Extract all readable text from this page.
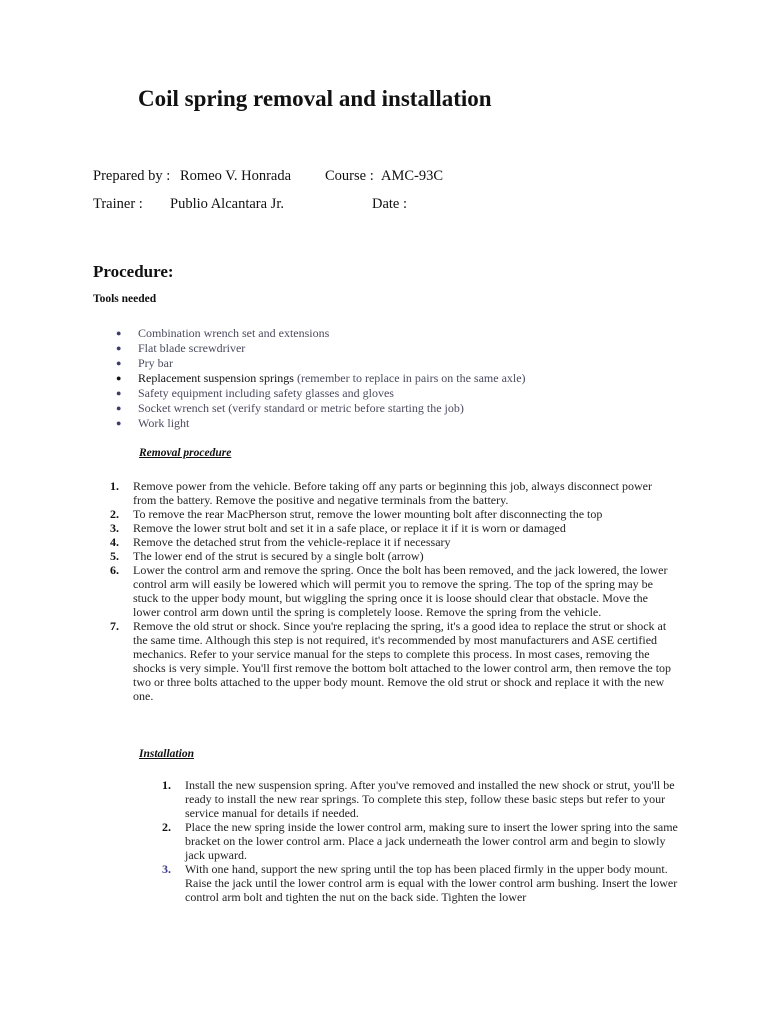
Coil spring removal and installation
Prepared by : Romeo V. Honrada Course : AMC-93C
Trainer : Publio Alcantara Jr.	Date :
Procedure:
Tools needed
● Combination wrench set and extensions
● Flat blade screwdriver
● Pry bar
● Replacement suspension springs (remember to replace in pairs on the same axle)
● Safety equipment including safety glasses and gloves
● Socket wrench set (verify standard or metric before starting the job)
● Work light
Removal procedure
1. Remove power from the vehicle. Before taking off any parts or beginning this job, always disconnect power from the battery. Remove the positive and negative terminals from the battery.
2. To remove the rear MacPherson strut, remove the lower mounting bolt after disconnecting the top
3. Remove the lower strut bolt and set it in a safe place, or replace it if it is worn or damaged
4. Remove the detached strut from the vehicle-replace it if necessary
5. The lower end of the strut is secured by a single bolt (arrow)
6. Lower the control arm and remove the spring. Once the bolt has been removed, and the jack lowered, the lower control arm will easily be lowered which will permit you to remove the spring. The top of the spring may be stuck to the upper body mount, but wiggling the spring once it is loose should clear that obstacle. Move the lower control arm down until the spring is completely loose. Remove the spring from the vehicle.
7. Remove the old strut or shock. Since you're replacing the spring, it's a good idea to replace the strut or shock at the same time. Although this step is not required, it's recommended by most manufacturers and ASE certified mechanics. Refer to your service manual for the steps to complete this process. In most cases, removing the shocks is very simple. You'll first remove the bottom bolt attached to the lower control arm, then remove the top two or three bolts attached to the upper body mount. Remove the old strut or shock and replace it with the new one.
Installation
1. Install the new suspension spring. After you've removed and installed the new shock or strut, you'll be ready to install the new rear springs. To complete this step, follow these basic steps but refer to your service manual for details if needed.
2. Place the new spring inside the lower control arm, making sure to insert the lower spring into the same bracket on the lower control arm. Place a jack underneath the lower control arm and begin to slowly jack upward.
3. With one hand, support the new spring until the top has been placed firmly in the upper body mount. Raise the jack until the lower control arm is equal with the lower control arm bushing. Insert the lower control arm bolt and tighten the nut on the back side. Tighten the lower
